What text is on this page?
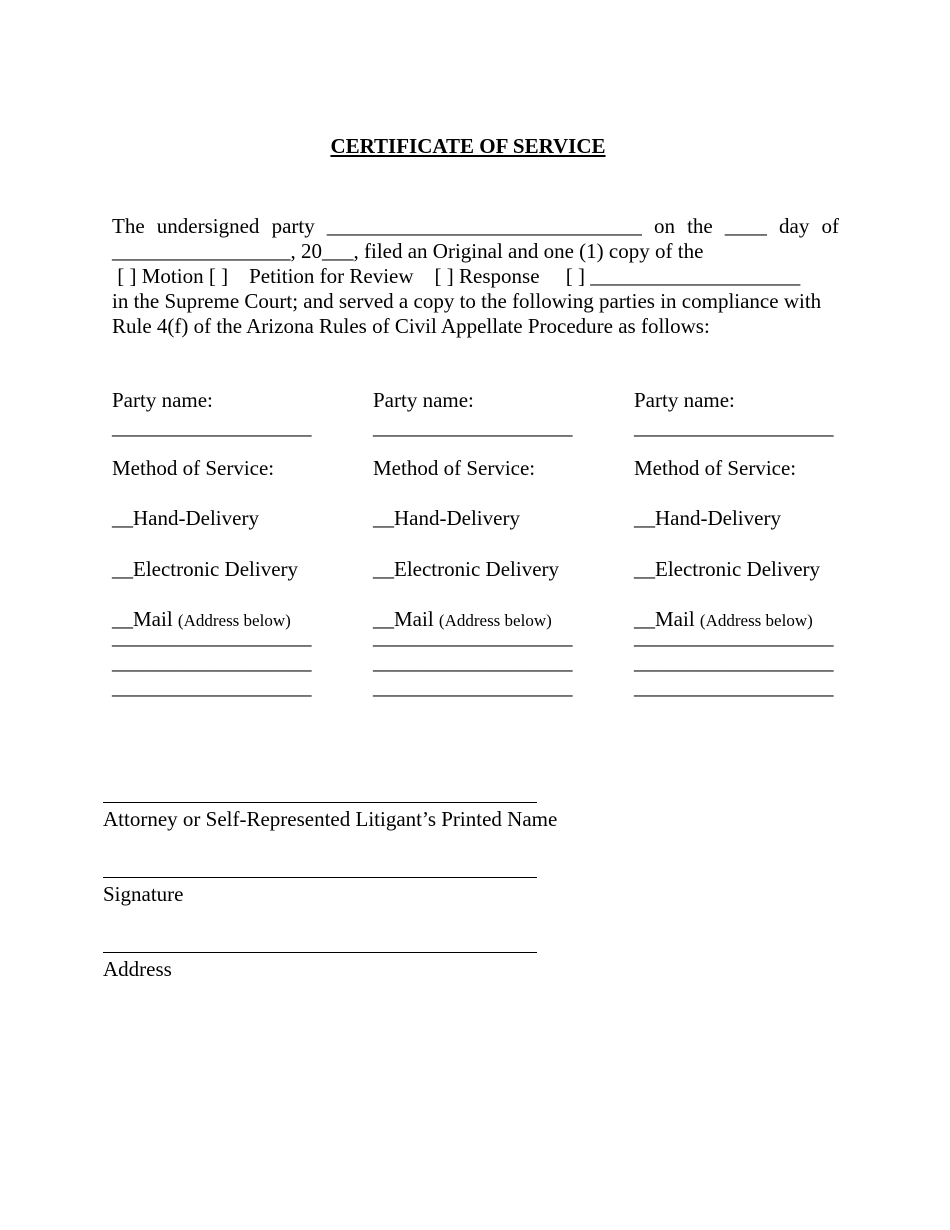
CERTIFICATE OF SERVICE
The undersigned party ______________________________ on the ____ day of
_________________, 20___, filed an Original and one (1) copy of the
[ ] Motion [ ]    Petition for Review    [ ] Response     [ ] ____________________
in the Supreme Court; and served a copy to the following parties in compliance with
Rule 4(f) of the Arizona Rules of Civil Appellate Procedure as follows:
Party name:
___________________
Method of Service:
__Hand-Delivery
__Electronic Delivery
__Mail (Address below)
___________________
___________________
___________________
Party name:
___________________
Method of Service:
__Hand-Delivery
__Electronic Delivery
__Mail (Address below)
___________________
___________________
___________________
Party name:
___________________
Method of Service:
__Hand-Delivery
__Electronic Delivery
__Mail (Address below)
___________________
___________________
___________________
Attorney or Self-Represented Litigant’s Printed Name
Signature
Address
